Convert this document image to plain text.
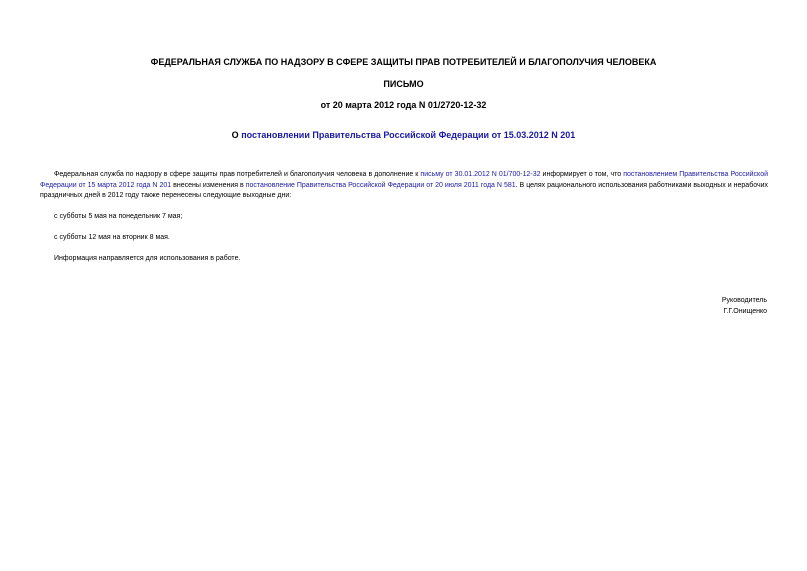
ФЕДЕРАЛЬНАЯ СЛУЖБА ПО НАДЗОРУ В СФЕРЕ ЗАЩИТЫ ПРАВ ПОТРЕБИТЕЛЕЙ И БЛАГОПОЛУЧИЯ ЧЕЛОВЕКА
ПИСЬМО
от 20 марта 2012 года N 01/2720-12-32
О постановлении Правительства Российской Федерации от 15.03.2012 N 201
Федеральная служба по надзору в сфере защиты прав потребителей и благополучия человека в дополнение к письму от 30.01.2012 N 01/700-12-32 информирует о том, что постановлением Правительства Российской Федерации от 15 марта 2012 года N 201 внесены изменения в постановление Правительства Российской Федерации от 20 июля 2011 года N 581. В целях рационального использования работниками выходных и нерабочих праздничных дней в 2012 году также перенесены следующие выходные дни:
с субботы 5 мая на понедельник 7 мая;
с субботы 12 мая на вторник 8 мая.
Информация направляется для использования в работе.
Руководитель
Г.Г.Онищенко
